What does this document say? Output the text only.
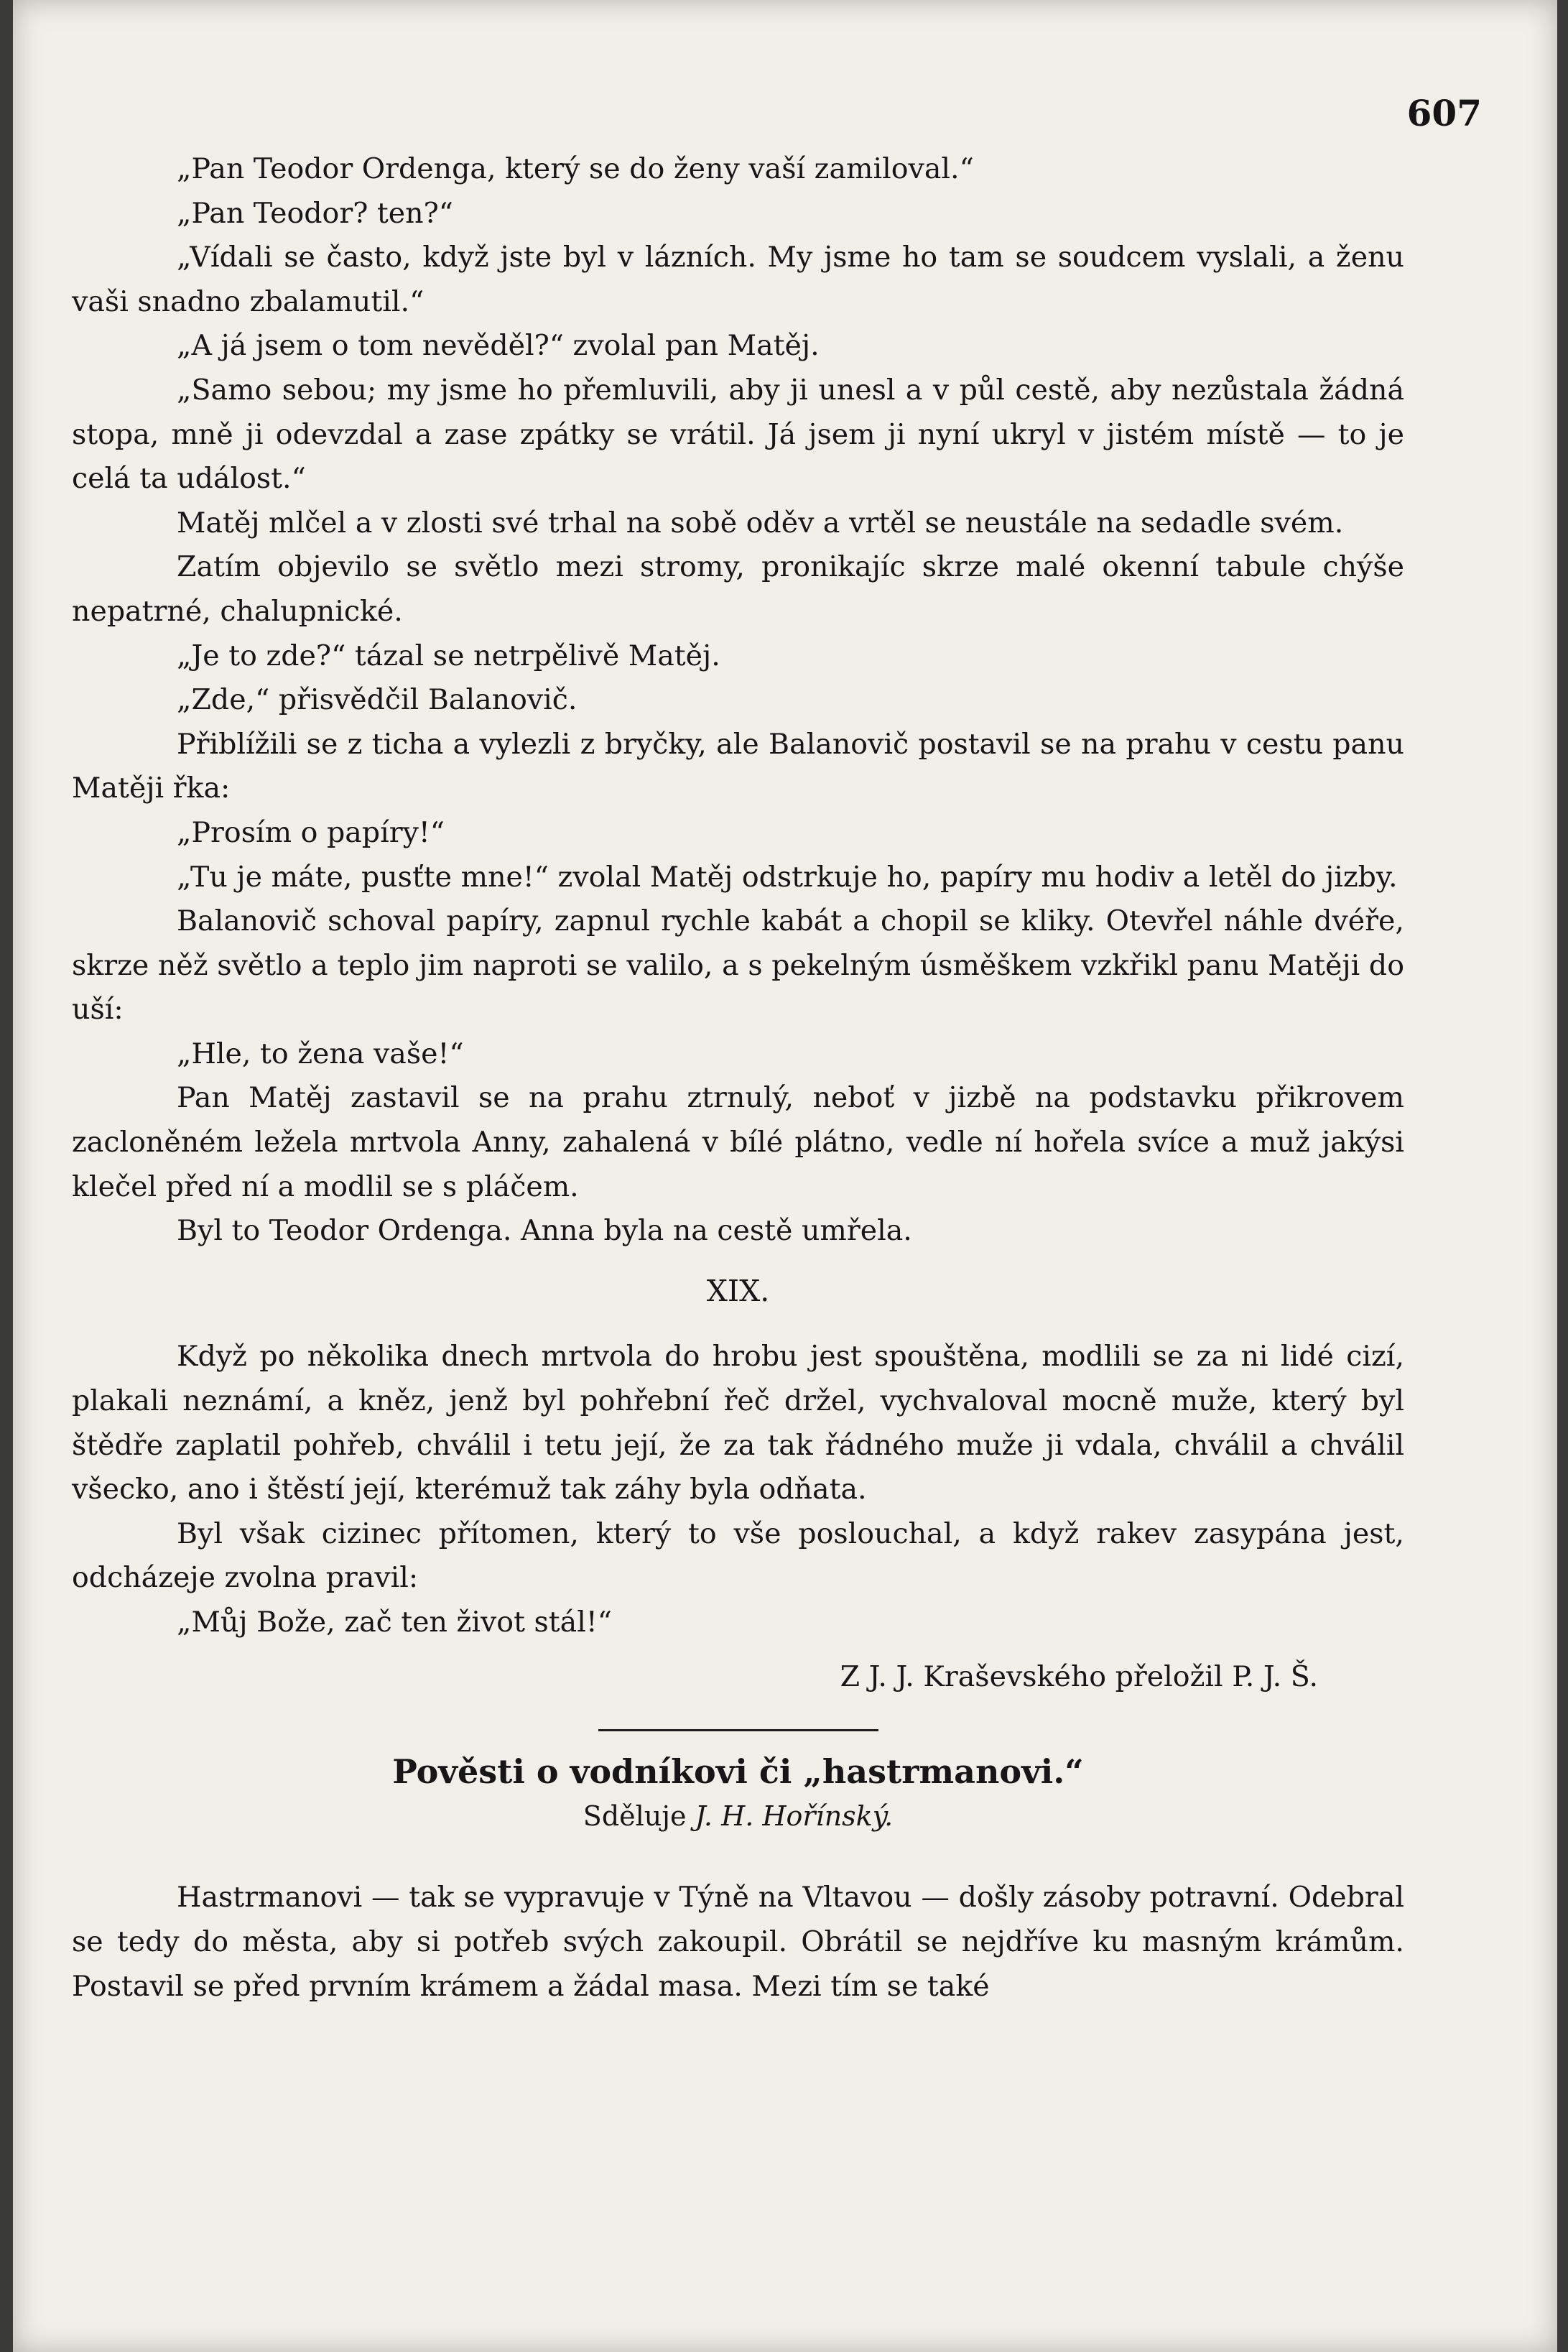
607

„Pan Teodor Ordenga, který se do ženy vaší zamiloval.“

„Pan Teodor? ten?“

„Vídali se často, když jste byl v lázních. My jsme ho tam se soudcem vyslali, a ženu vaši snadno zbalamutil.“

„A já jsem o tom nevěděl?“ zvolal pan Matěj.

„Samo sebou; my jsme ho přemluvili, aby ji unesl a v půl cestě, aby nezůstala žádná stopa, mně ji odevzdal a zase zpátky se vrátil. Já jsem ji nyní ukryl v jistém místě — to je celá ta událost.“

Matěj mlčel a v zlosti své trhal na sobě oděv a vrtěl se neustále na sedadle svém.

Zatím objevilo se světlo mezi stromy, pronikajíc skrze malé okenní tabule chýše nepatrné, chalupnické.

„Je to zde?“ tázal se netrpělivě Matěj.

„Zde,“ přisvědčil Balanovič.

Přiblížili se z ticha a vylezli z bryčky, ale Balanovič postavil se na prahu v cestu panu Matěji řka:

„Prosím o papíry!“

„Tu je máte, pusťte mne!“ zvolal Matěj odstrkuje ho, papíry mu hodiv a letěl do jizby.

Balanovič schoval papíry, zapnul rychle kabát a chopil se kliky. Otevřel náhle dvéře, skrze něž světlo a teplo jim naproti se valilo, a s pekelným úsměškem vzkřikl panu Matěji do uší:

„Hle, to žena vaše!“

Pan Matěj zastavil se na prahu ztrnulý, neboť v jizbě na podstavku přikrovem zacloněném ležela mrtvola Anny, zahalená v bílé plátno, vedle ní hořela svíce a muž jakýsi klečel před ní a modlil se s pláčem.

Byl to Teodor Ordenga. Anna byla na cestě umřela.

XIX.

Když po několika dnech mrtvola do hrobu jest spouštěna, modlili se za ni lidé cizí, plakali neznámí, a kněz, jenž byl pohřební řeč držel, vychvaloval mocně muže, který byl štědře zaplatil pohřeb, chválil i tetu její, že za tak řádného muže ji vdala, chválil a chválil všecko, ano i štěstí její, kterémuž tak záhy byla odňata.

Byl však cizinec přítomen, který to vše poslouchal, a když rakev zasypána jest, odcházeje zvolna pravil:

„Můj Bože, zač ten život stál!“

Z J. J. Kraševského přeložil P. J. Š.

Pověsti o vodníkovi či „hastrmanovi.“

Sděluje J. H. Hořínský.

Hastrmanovi — tak se vypravuje v Týně na Vltavou — došly zásoby potravní. Odebral se tedy do města, aby si potřeb svých zakoupil. Obrátil se nejdříve ku masným krámům. Postavil se před prvním krámem a žádal masa. Mezi tím se také
